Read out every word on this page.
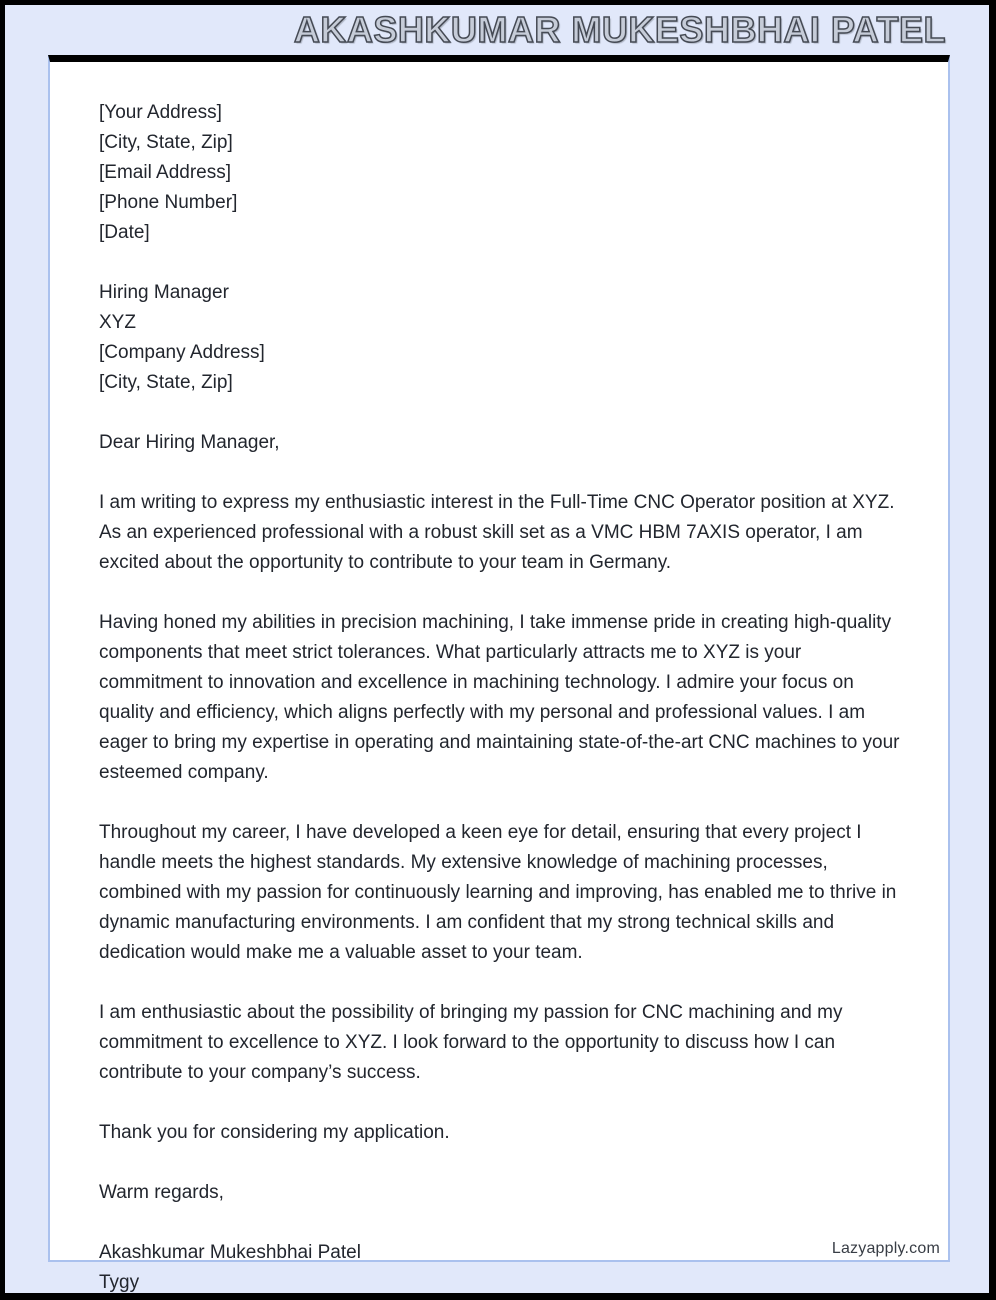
AKASHKUMAR MUKESHBHAI PATEL
[Your Address]
[City, State, Zip]
[Email Address]
[Phone Number]
[Date]
Hiring Manager
XYZ
[Company Address]
[City, State, Zip]
Dear Hiring Manager,

I am writing to express my enthusiastic interest in the Full-Time CNC Operator position at XYZ. As an experienced professional with a robust skill set as a VMC HBM 7AXIS operator, I am excited about the opportunity to contribute to your team in Germany.

Having honed my abilities in precision machining, I take immense pride in creating high-quality components that meet strict tolerances. What particularly attracts me to XYZ is your commitment to innovation and excellence in machining technology. I admire your focus on quality and efficiency, which aligns perfectly with my personal and professional values. I am eager to bring my expertise in operating and maintaining state-of-the-art CNC machines to your esteemed company.

Throughout my career, I have developed a keen eye for detail, ensuring that every project I handle meets the highest standards. My extensive knowledge of machining processes, combined with my passion for continuously learning and improving, has enabled me to thrive in dynamic manufacturing environments. I am confident that my strong technical skills and dedication would make me a valuable asset to your team.

I am enthusiastic about the possibility of bringing my passion for CNC machining and my commitment to excellence to XYZ. I look forward to the opportunity to discuss how I can contribute to your company’s success.

Thank you for considering my application.

Warm regards,
Akashkumar Mukeshbhai Patel
Tygy
Lazyapply.com
